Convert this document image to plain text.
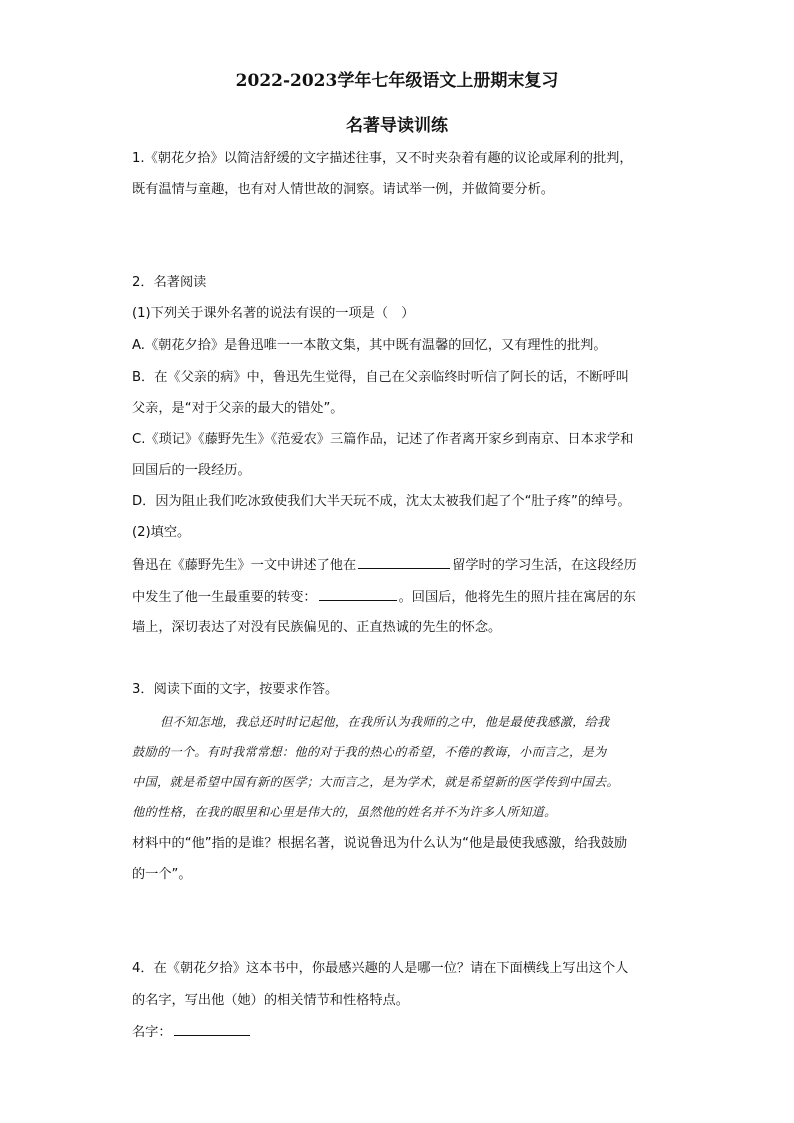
2022-2023学年七年级语文上册期末复习
名著导读训练
1.《朝花夕拾》以简洁舒缓的文字描述往事，又不时夹杂着有趣的议论或犀利的批判，
既有温情与童趣，也有对人情世故的洞察。请试举一例，并做简要分析。
2．名著阅读
(1)下列关于课外名著的说法有误的一项是（　）
A.《朝花夕拾》是鲁迅唯一一本散文集，其中既有温馨的回忆，又有理性的批判。
B．在《父亲的病》中，鲁迅先生觉得，自己在父亲临终时听信了阿长的话，不断呼叫
父亲，是“对于父亲的最大的错处”。
C.《琐记》《藤野先生》《范爱农》三篇作品，记述了作者离开家乡到南京、日本求学和
回国后的一段经历。
D．因为阻止我们吃冰致使我们大半天玩不成，沈太太被我们起了个“肚子疼”的绰号。
(2)填空。
鲁迅在《藤野先生》一文中讲述了他在	留学时的学习生活，在这段经历
中发生了他一生最重要的转变：	。回国后，他将先生的照片挂在寓居的东
墙上，深切表达了对没有民族偏见的、正直热诚的先生的怀念。
3．阅读下面的文字，按要求作答。
但不知怎地，我总还时时记起他，在我所认为我师的之中，他是最使我感激，给我
鼓励的一个。有时我常常想：他的对于我的热心的希望，不倦的教诲，小而言之，是为
中国，就是希望中国有新的医学；大而言之，是为学术，就是希望新的医学传到中国去。
他的性格，在我的眼里和心里是伟大的，虽然他的姓名并不为许多人所知道。
材料中的“他”指的是谁？根据名著，说说鲁迅为什么认为“他是最使我感激，给我鼓励
的一个”。
4．在《朝花夕拾》这本书中，你最感兴趣的人是哪一位？请在下面横线上写出这个人
的名字，写出他（她）的相关情节和性格特点。
名字：
